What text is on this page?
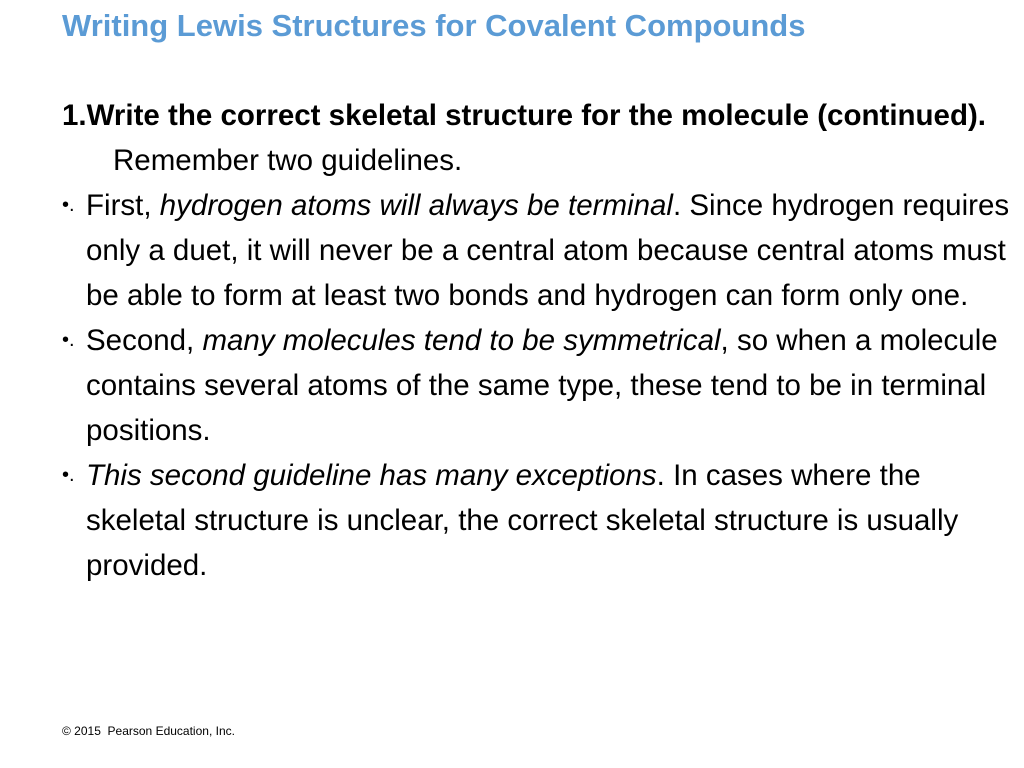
Writing Lewis Structures for Covalent Compounds

1.Write the correct skeletal structure for the molecule (continued).

Remember two guidelines.

•. First, hydrogen atoms will always be terminal. Since hydrogen requires only a duet, it will never be a central atom because central atoms must be able to form at least two bonds and hydrogen can form only one.

•. Second, many molecules tend to be symmetrical, so when a molecule contains several atoms of the same type, these tend to be in terminal positions.

•. This second guideline has many exceptions. In cases where the skeletal structure is unclear, the correct skeletal structure is usually provided.

© 2015  Pearson Education, Inc.
